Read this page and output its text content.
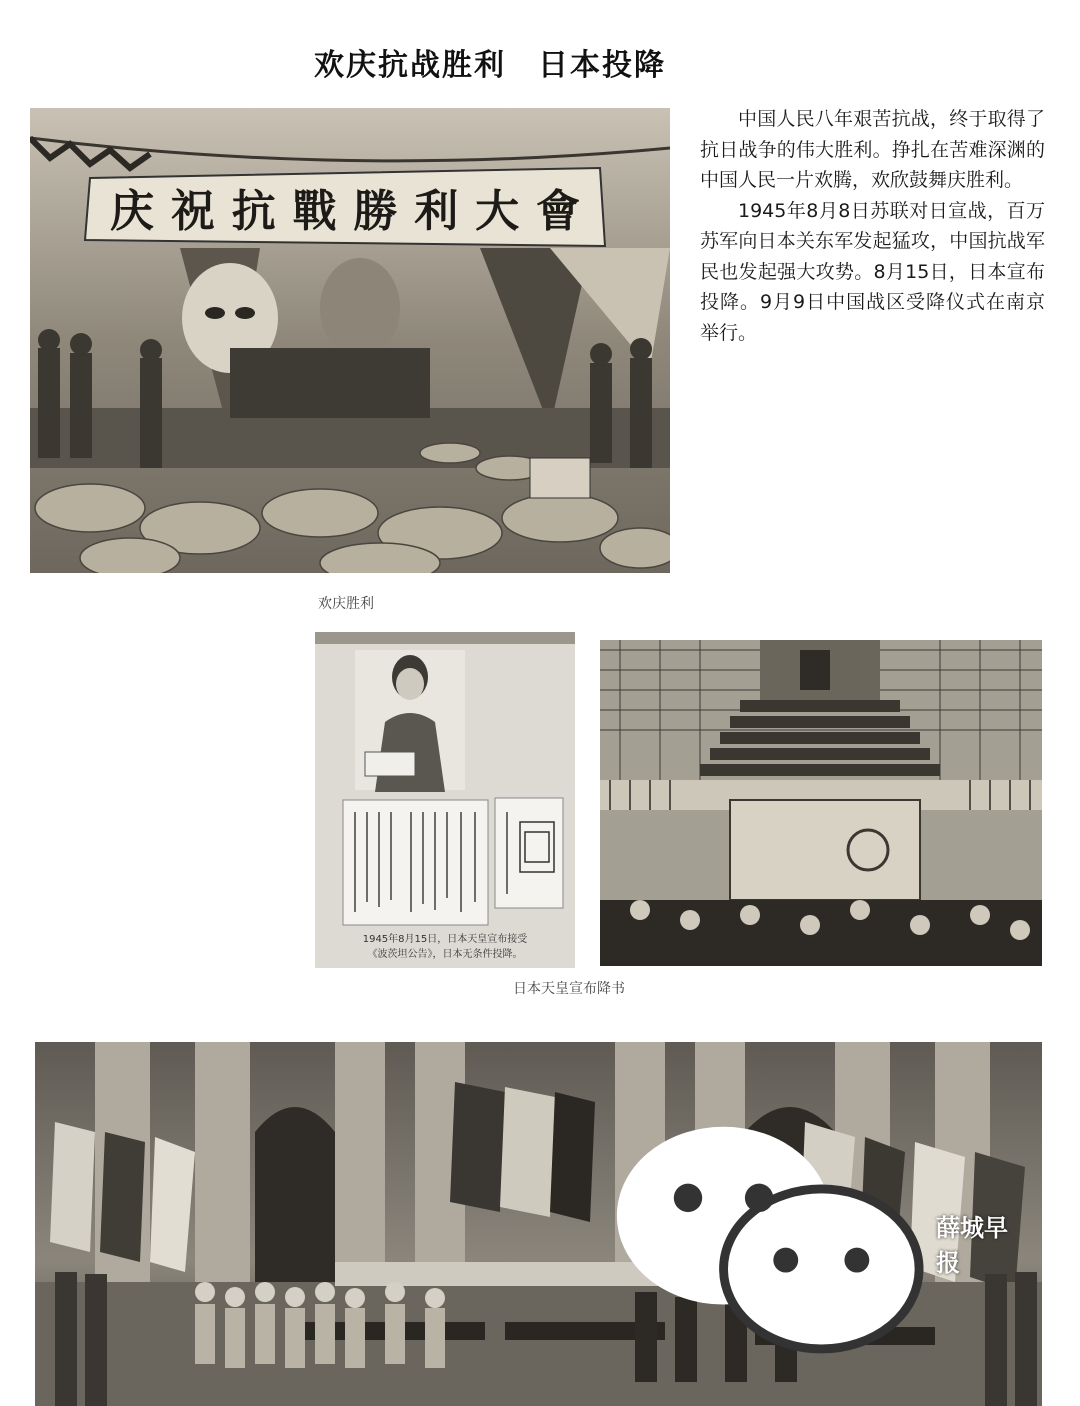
欢庆抗战胜利　日本投降
庆祝抗戰勝利大會

中国人民八年艰苦抗战，终于取得了抗日战争的伟大胜利。挣扎在苦难深渊的中国人民一片欢腾，欢欣鼓舞庆胜利。

1945年8月8日苏联对日宣战，百万苏军向日本关东军发起猛攻，中国抗战军民也发起强大攻势。8月15日，日本宣布投降。9月9日中国战区受降仪式在南京举行。

欢庆胜利
1945年8月15日，日本天皇宣布接受
《波茨坦公告》，日本无条件投降。
日本天皇宣布降书
薛城早报
